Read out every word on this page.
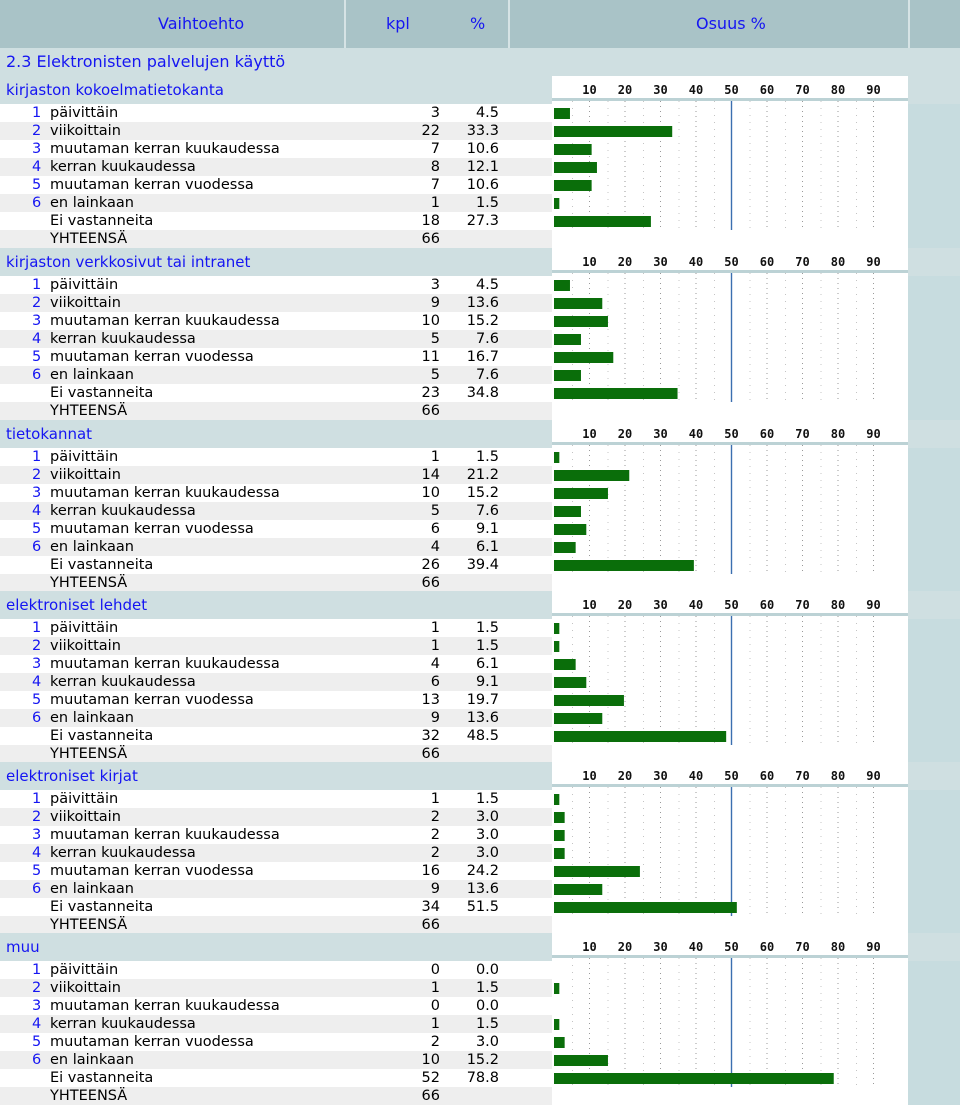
Vaihtoehto	kpl	%	Osuus %
2.3 Elektronisten palvelujen käyttö
kirjaston kokoelmatietokanta
1 päivittäin	3	4.5
2 viikoittain	22	33.3
3 muutaman kerran kuukaudessa	7	10.6
4 kerran kuukaudessa	8	12.1
5 muutaman kerran vuodessa	7	10.6
6 en lainkaan	1	1.5
Ei vastanneita	18	27.3
YHTEENSÄ	66
10 20 30 40 50 60 70 80 90
kirjaston verkkosivut tai intranet
1 päivittäin	3	4.5
2 viikoittain	9	13.6
3 muutaman kerran kuukaudessa	10	15.2
4 kerran kuukaudessa	5	7.6
5 muutaman kerran vuodessa	11	16.7
6 en lainkaan	5	7.6
Ei vastanneita	23	34.8
YHTEENSÄ	66
10 20 30 40 50 60 70 80 90
tietokannat
1 päivittäin	1	1.5
2 viikoittain	14	21.2
3 muutaman kerran kuukaudessa	10	15.2
4 kerran kuukaudessa	5	7.6
5 muutaman kerran vuodessa	6	9.1
6 en lainkaan	4	6.1
Ei vastanneita	26	39.4
YHTEENSÄ	66
10 20 30 40 50 60 70 80 90
elektroniset lehdet
1 päivittäin	1	1.5
2 viikoittain	1	1.5
3 muutaman kerran kuukaudessa	4	6.1
4 kerran kuukaudessa	6	9.1
5 muutaman kerran vuodessa	13	19.7
6 en lainkaan	9	13.6
Ei vastanneita	32	48.5
YHTEENSÄ	66
10 20 30 40 50 60 70 80 90
elektroniset kirjat
1 päivittäin	1	1.5
2 viikoittain	2	3.0
3 muutaman kerran kuukaudessa	2	3.0
4 kerran kuukaudessa	2	3.0
5 muutaman kerran vuodessa	16	24.2
6 en lainkaan	9	13.6
Ei vastanneita	34	51.5
YHTEENSÄ	66
10 20 30 40 50 60 70 80 90
muu
1 päivittäin	0	0.0
2 viikoittain	1	1.5
3 muutaman kerran kuukaudessa	0	0.0
4 kerran kuukaudessa	1	1.5
5 muutaman kerran vuodessa	2	3.0
6 en lainkaan	10	15.2
Ei vastanneita	52	78.8
YHTEENSÄ	66
10 20 30 40 50 60 70 80 90
